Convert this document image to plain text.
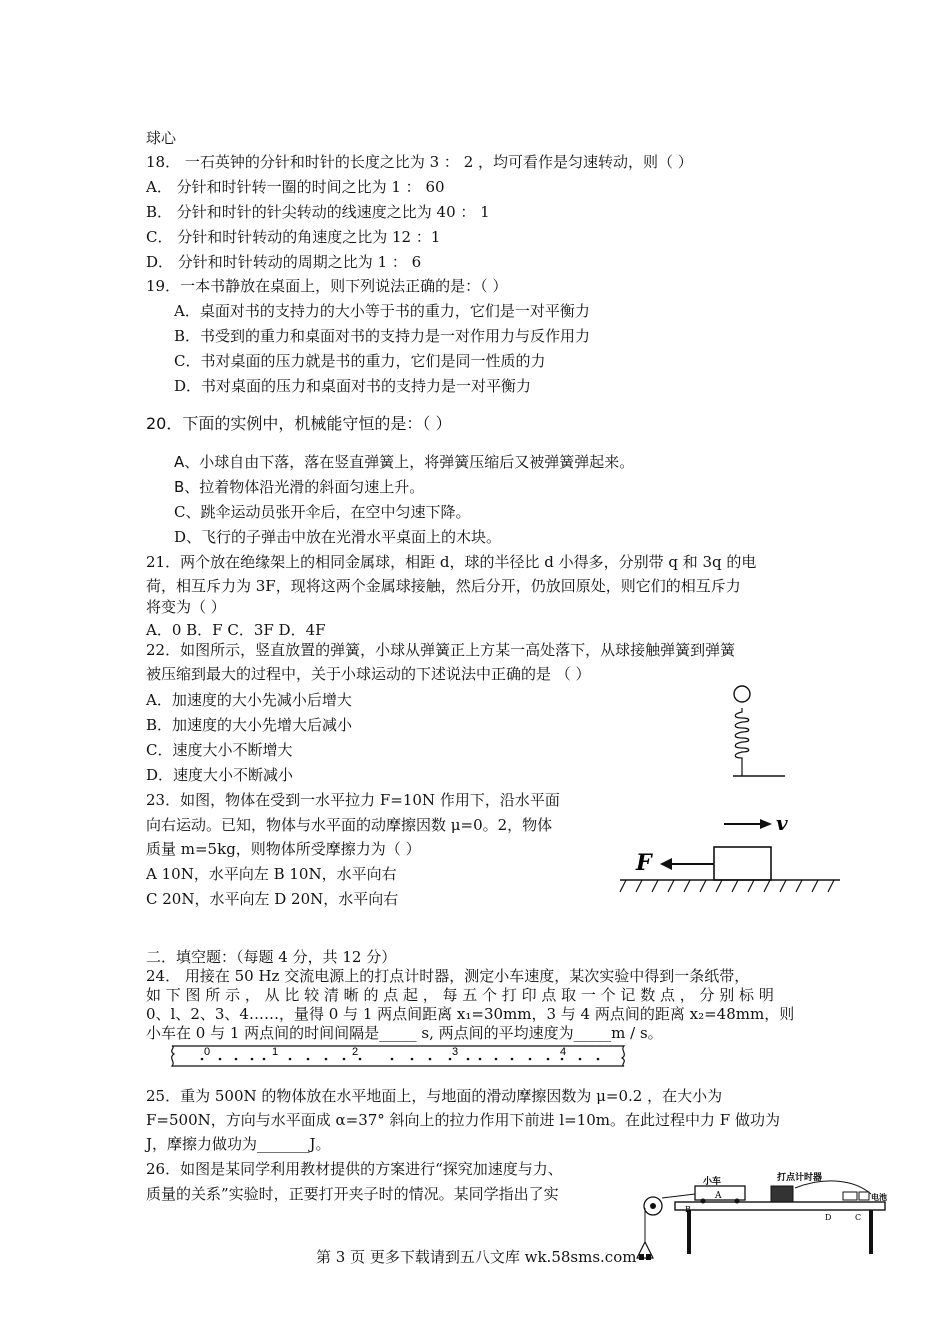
球心
18． 一石英钟的分针和时针的长度之比为 3 ： 2 ，均可看作是匀速转动，则（ ）
A． 分针和时针转一圈的时间之比为 1 ： 60
B． 分针和时针的针尖转动的线速度之比为 40 ： 1
C． 分针和时针转动的角速度之比为 12 ：1
D． 分针和时针转动的周期之比为 1 ： 6
19．一本书静放在桌面上，则下列说法正确的是：（ ）
A．桌面对书的支持力的大小等于书的重力，它们是一对平衡力
B．书受到的重力和桌面对书的支持力是一对作用力与反作用力
C．书对桌面的压力就是书的重力，它们是同一性质的力
D．书对桌面的压力和桌面对书的支持力是一对平衡力
20．下面的实例中，机械能守恒的是：（ ）
A、小球自由下落，落在竖直弹簧上，将弹簧压缩后又被弹簧弹起来。
B、拉着物体沿光滑的斜面匀速上升。
C、跳伞运动员张开伞后，在空中匀速下降。
D、飞行的子弹击中放在光滑水平桌面上的木块。
21．两个放在绝缘架上的相同金属球，相距 d，球的半径比 d 小得多，分别带 q 和 3q 的电
荷，相互斥力为 3F，现将这两个金属球接触，然后分开，仍放回原处，则它们的相互斥力
将变为（ ）
A．0 B．F C．3F D．4F
22．如图所示，竖直放置的弹簧，小球从弹簧正上方某一高处落下，从球接触弹簧到弹簧
被压缩到最大的过程中，关于小球运动的下述说法中正确的是 （ ）
A．加速度的大小先减小后增大
B．加速度的大小先增大后减小
C．速度大小不断增大
D．速度大小不断减小
23．如图，物体在受到一水平拉力 F=10N 作用下，沿水平面
向右运动。已知，物体与水平面的动摩擦因数 μ=0。2，物体
质量 m=5kg，则物体所受摩擦力为（ ）
A 10N，水平向左 B 10N，水平向右
C 20N，水平向左 D 20N，水平向右
二．填空题：（每题 4 分，共 12 分）
24． 用接在 50 Hz 交流电源上的打点计时器，测定小车速度，某次实验中得到一条纸带，
如 下 图 所 示 ， 从 比 较 清 晰 的 点 起 ， 每 五 个 打 印 点 取 一 个 记 数 点 ， 分 别 标 明
0、l、2、3、4……，量得 0 与 1 两点间距离 x₁=30mm，3 与 4 两点间的距离 x₂=48mm，则
小车在 0 与 1 两点间的时间间隔是_____ s, 两点间的平均速度为_____m / s。
25．重为 500N 的物体放在水平地面上，与地面的滑动摩擦因数为 μ=0.2 ，在大小为
F=500N，方向与水平面成 α=37° 斜向上的拉力作用下前进 l=10m。在此过程中力 F 做功为
J，摩擦力做功为_______J。
26．如图是某同学利用教材提供的方案进行“探究加速度与力、
质量的关系”实验时，正要打开夹子时的情况。某同学指出了实
第 3 页 更多下载请到五八文库 wk.58sms.com
v
F
0	1	2	3	4
打点计时器
小车
A	电池
B
C
D
